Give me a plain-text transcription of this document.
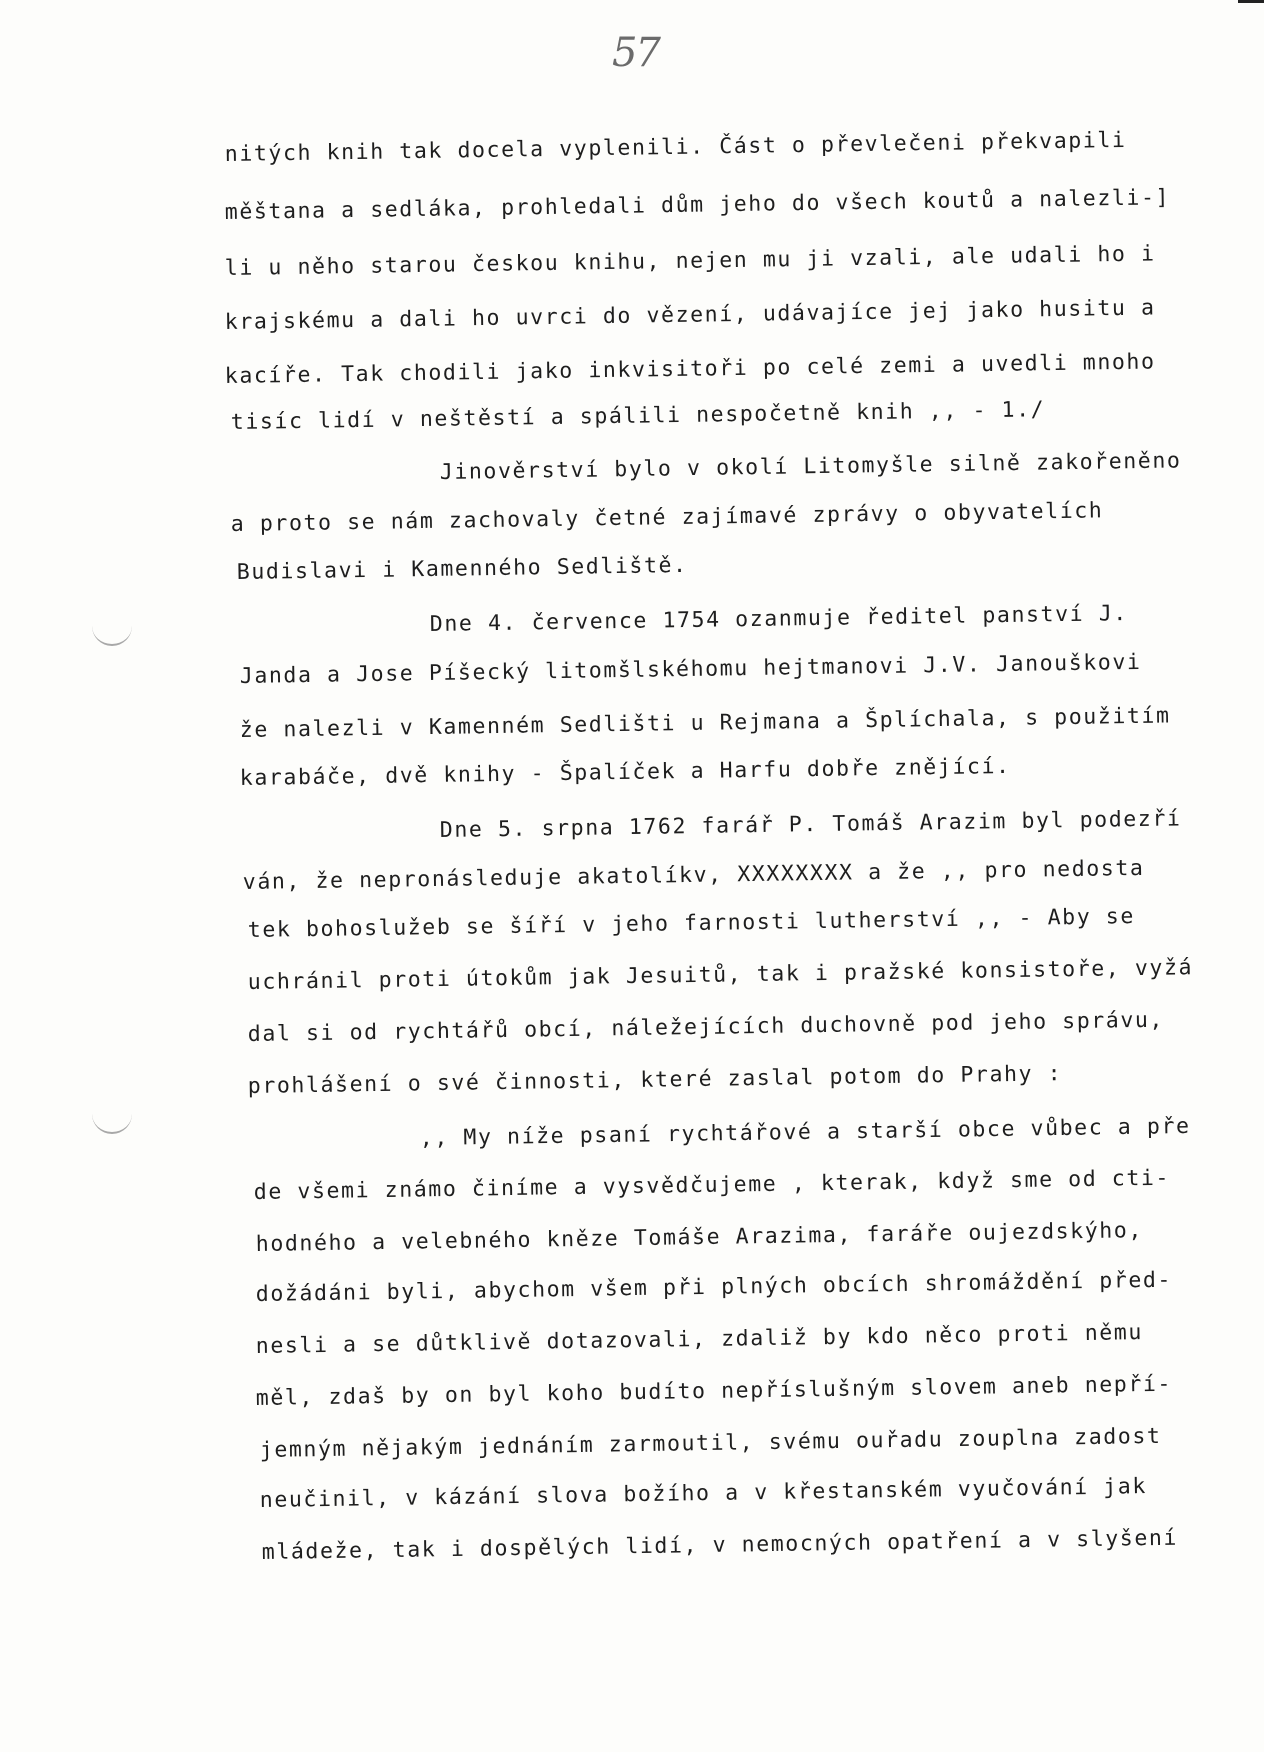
57
nitých knih tak docela vyplenili. Část o převlečeni překvapili
měštana a sedláka, prohledali dům jeho do všech koutů a nalezli-]
li u něho starou českou knihu, nejen mu ji vzali, ale udali ho i
krajskému a dali ho uvrci do vězení, udávajíce jej jako husitu a
kacíře. Tak chodili jako inkvisitoři po celé zemi a uvedli mnoho
tisíc lidí v neštěstí a spálili nespočetně knih ,, - 1./
Jinověrství bylo v okolí Litomyšle silně zakořeněno
a proto se nám zachovaly četné zajímavé zprávy o obyvatelích
Budislavi i Kamenného Sedliště.
Dne 4. července 1754 ozanmuje ředitel panství J.
Janda a Jose Píšecký litomšlskéhomu hejtmanovi J.V. Janouškovi
že nalezli v Kamenném Sedlišti u Rejmana a Šplíchala, s použitím
karabáče, dvě knihy - Špalíček a Harfu dobře znějící.
Dne 5. srpna 1762 farář P. Tomáš Arazim byl podezří
ván, že nepronásleduje akatolíkv, XXXXXXXX a že ,, pro nedosta
tek bohoslužeb se šíří v jeho farnosti lutherství ,, - Aby se
uchránil proti útokům jak Jesuitů, tak i pražské konsistoře, vyžá
dal si od rychtářů obcí, náležejících duchovně pod jeho správu,
prohlášení o své činnosti, které zaslal potom do Prahy :
,, My níže psaní rychtářové a starší obce vůbec a pře
de všemi známo činíme a vysvědčujeme , kterak, když sme od cti-
hodného a velebného kněze Tomáše Arazima, faráře oujezdskýho,
dožádáni byli, abychom všem při plných obcích shromáždění před-
nesli a se důtklivě dotazovali, zdaliž by kdo něco proti němu
měl, zdaš by on byl koho budíto nepříslušným slovem aneb nepří-
jemným nějakým jednáním zarmoutil, svému ouřadu zouplna zadost
neučinil, v kázání slova božího a v křestanském vyučování jak
mládeže, tak i dospělých lidí, v nemocných opatření a v slyšení
